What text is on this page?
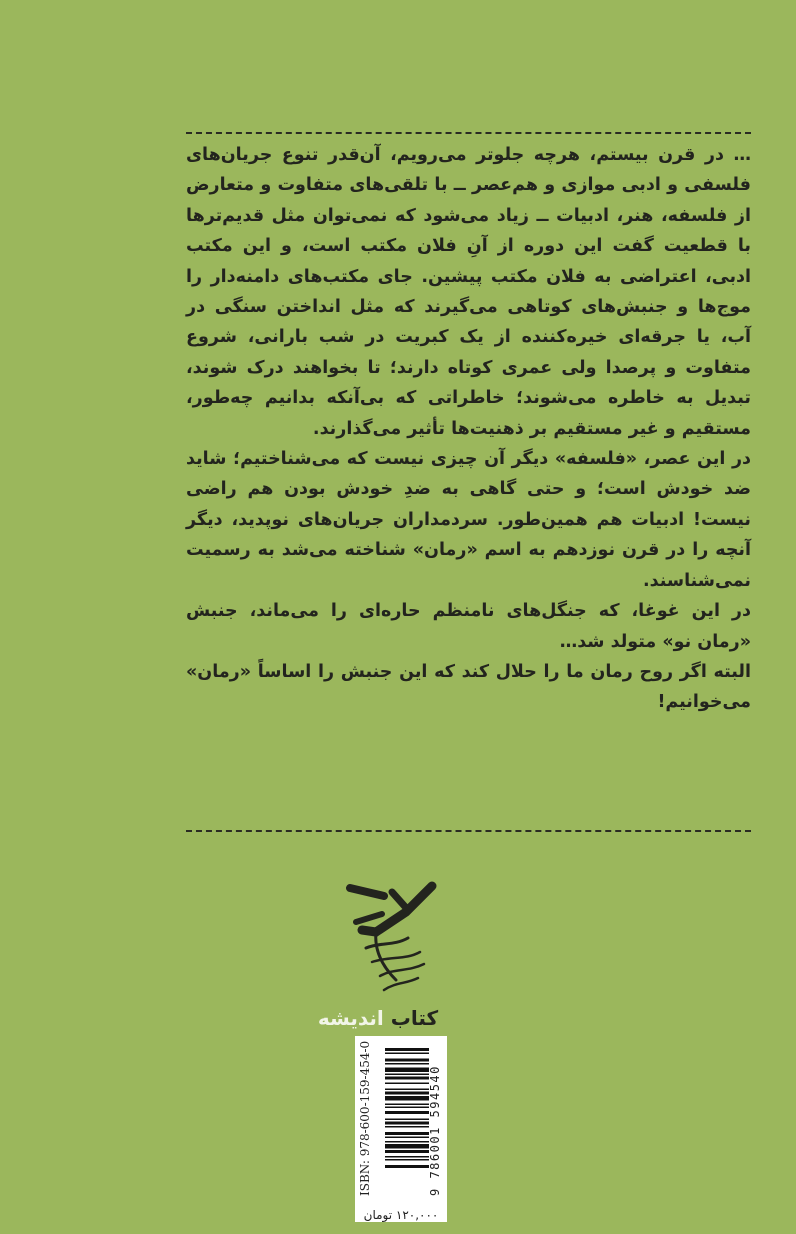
… در قرن بیستم، هرچه جلوتر می‌رویم، آن‌قدر تنوع جریان‌های فلسفی و ادبی موازی و هم‌عصر ــ با تلقی‌های متفاوت و متعارض از فلسفه، هنر، ادبیات ــ زیاد می‌شود که نمی‌توان مثل قدیم‌ترها با قطعیت گفت این دوره از آنِ فلان مکتب است، و این مکتب ادبی، اعتراضی به فلان مکتب پیشین. جای مکتب‌های دامنه‌دار را موج‌ها و جنبش‌های کوتاهی می‌گیرند که مثل انداختن سنگی در آب، یا جرقه‌ای خیره‌کننده از یک کبریت در شب بارانی، شروع متفاوت و پرصدا ولی عمری کوتاه دارند؛ تا بخواهند درک شوند، تبدیل به خاطره می‌شوند؛ خاطراتی که بی‌آنکه بدانیم چه‌طور، مستقیم و غیر مستقیم بر ذهنیت‌ها تأثیر می‌گذارند.

در این عصر، «فلسفه» دیگر آن چیزی نیست که می‌شناختیم؛ شاید ضد خودش است؛ و حتی گاهی به ضدِ خودش بودن هم راضی نیست! ادبیات هم همین‌طور. سردمداران جریان‌های نوپدید، دیگر آنچه را در قرن نوزدهم به اسم «رمان» شناخته می‌شد به رسمیت نمی‌شناسند.

در این غوغا، که جنگل‌های نامنظم حاره‌ای را می‌ماند، جنبش «رمان نو» متولد شد…

البته اگر روح رمان ما را حلال کند که این جنبش را اساساً «رمان» می‌خوانیم!

کتاب اندیشه
ISBN: 978-600-159-454-0	9 786001 594540
۱۲۰,۰۰۰ تومان
